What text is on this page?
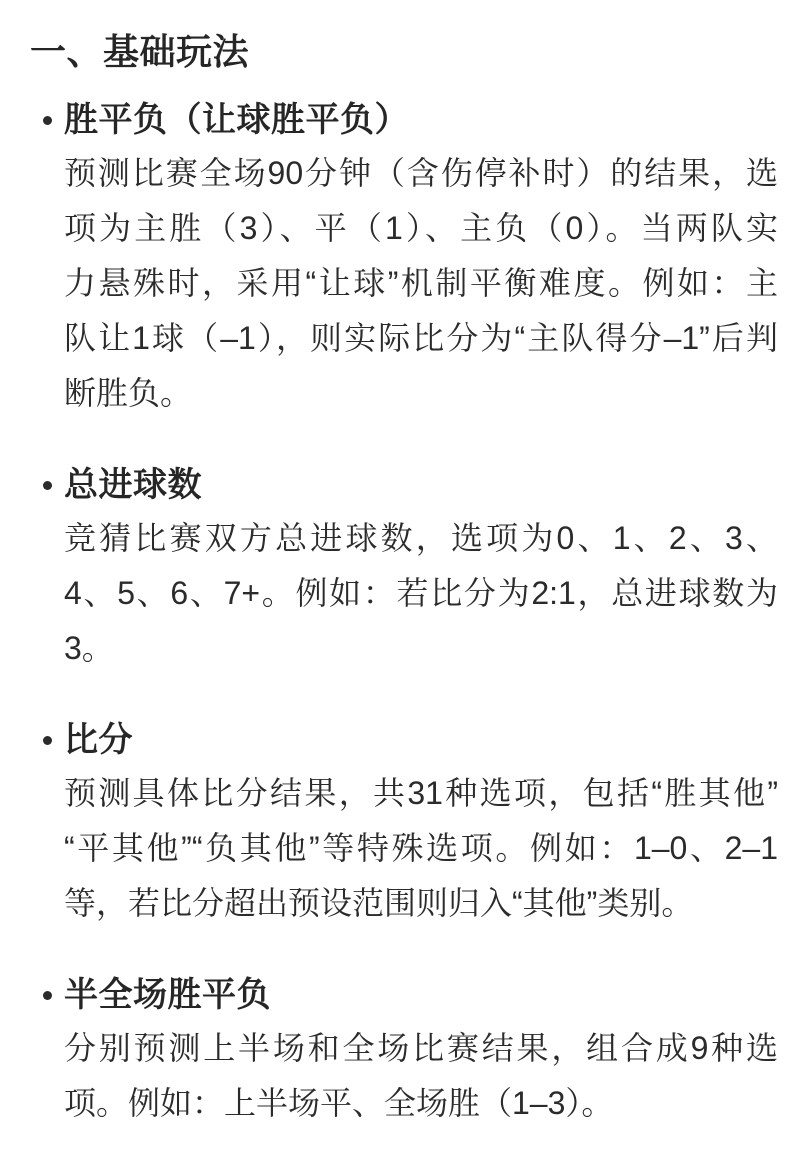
一、基础玩法
胜平负（让球胜平负）
预测比赛全场90分钟（含伤停补时）的结果，选
项为主胜（3）、平（1）、主负（0）。当两队实
力悬殊时，采用“让球”机制平衡难度。例如：主
队让1球（–1），则实际比分为“主队得分–1”后判
断胜负。
总进球数
竞猜比赛双方总进球数，选项为0、1、2、3、
4、5、6、7+。例如：若比分为2:1，总进球数为
3。
比分
预测具体比分结果，共31种选项，包括“胜其他”
“平其他”“负其他”等特殊选项。例如：1–0、2–1
等，若比分超出预设范围则归入“其他”类别。
半全场胜平负
分别预测上半场和全场比赛结果，组合成9种选
项。例如：上半场平、全场胜（1–3）。
